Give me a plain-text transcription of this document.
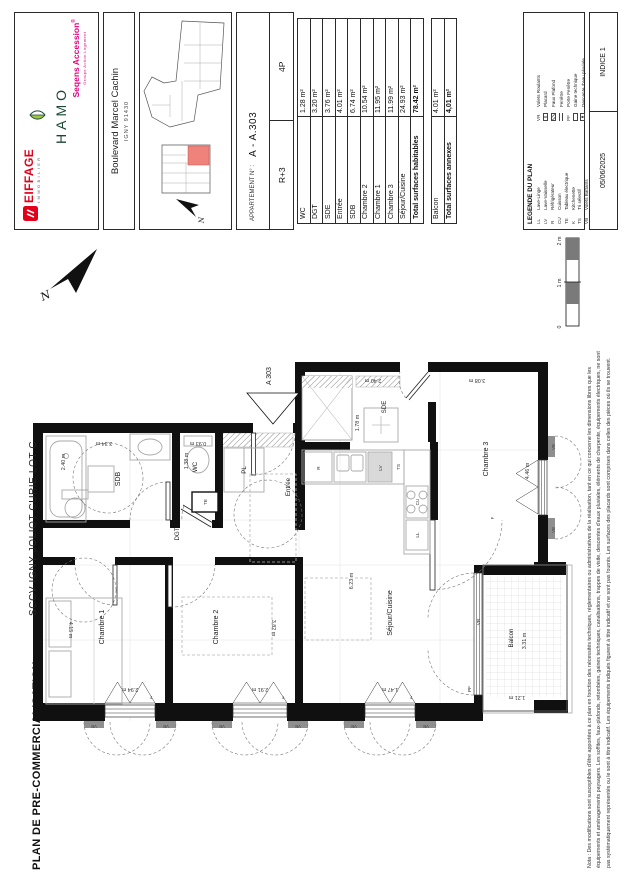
A 303
N
2 m
1 m
0
SDB
WC	PL
TE
Entrée
DGT
SDE
Chambre 1	Chambre 2
Chambre 3
Séjour/Cuisine
Balcon
2.40 m
3.34 m	0.93 m
1.38 m
1.78 m
2.40 m	3.08 m
4.46 m
4.15 m	3.82 m
6.23 m
2.94 m	2.91 m	1.47 m
3.31 m
1.21 m
R	LV	TS
CU
LL
VR
PF
F	F	F
F
VB	VB	VB	VB	VB	VB
VB
VB
PLAN DE PRE-COMMERCIALISATION
SCCV IGNY JOLIOT CURIE LOT C	Nota : Des modifications sont susceptibles d'être apportées à ce plan en fonction des nécessités techniques, réglementaires ou administratives de la réalisation, tant en ce qui concerne les dimensions libres que les équipements et aménagements paysagers. Les soffites, faux-plafonds, retombées, gaines techniques, canalisations, trappes de visite, descentes d'eaux pluviales, éléments de charpente, équipements électriques, ne sont pas systématiquement représentés ou le sont à titre indicatif. Les équipements indiqués figurent à titre indicatif et ne sont pas fournis. Les surfaces des placards sont comprises dans celles des pièces où ils se trouvent.
EIFFAGE IMMOBILIER
HAMO
Seqens Accession®
Groupe Action Logement
Boulevard Marcel Cachin IGNY 91430
N	APPARTEMENT N° :
A - A.303
R+3
4P
WC
1.28 m²
DGT
3.20 m²
SDE
3.76 m²
Entrée
4.01 m²
SDB
6.74 m²
Chambre 2
10.54 m²
Chambre 1
11.95 m²
Chambre 3
11.99 m²
Séjour/Cuisine
24.93 m²
Total surfaces habitables
78.42 m²
Balcon
4.01 m²
Total surfaces annexes
4,01 m²
LEGENDE DU PLAN LL
Lave-Linge
LV
Lave-Vaisselle
R
Réfrigérateur
CU
Cuisson
TE
Tableau électrique
K
Kitchenette
TS
Tri sélectif
VB
Volets Battants
VR
Volets Roulants Placard Faux Plafond Fenêtre
PF
Porte Fenêtre Gaine technique Descente d'eau pluviale
05/06/2025
INDICE 1
